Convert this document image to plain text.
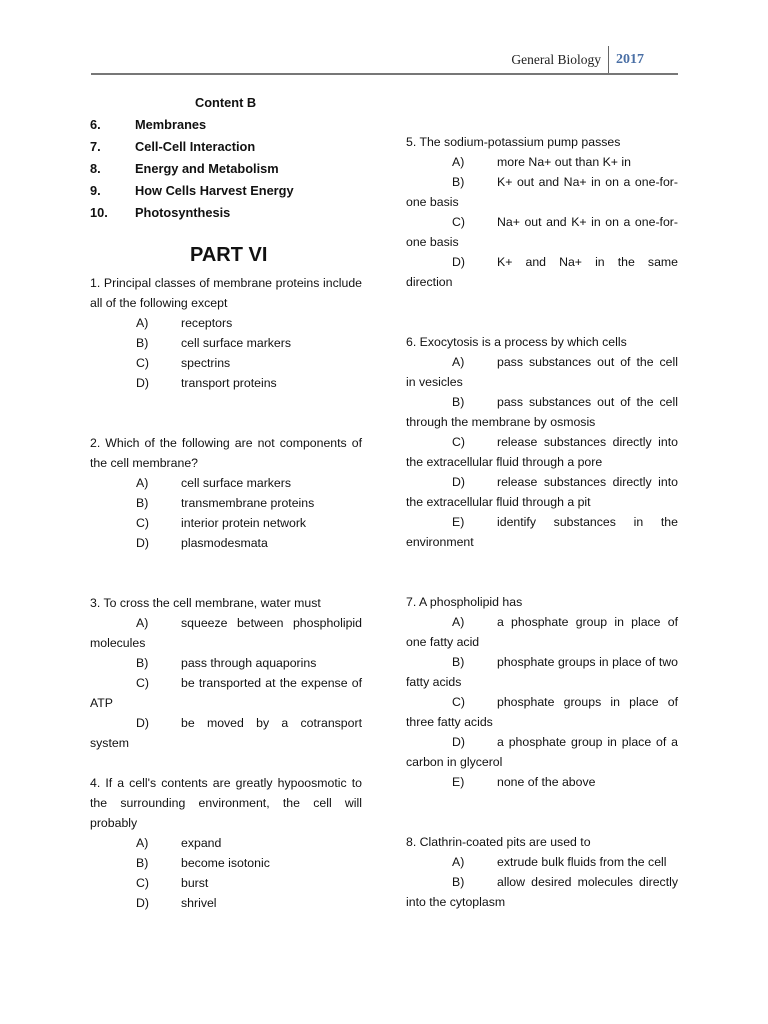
General Biology	2017
Content B
6.	Membranes
7.	Cell-Cell Interaction
8.	Energy and Metabolism
9.	How Cells Harvest Energy
10.	Photosynthesis
PART VI
1. Principal classes of membrane proteins include all of the following except
A)	receptors
B)	cell surface markers
C)	spectrins
D)	transport proteins
2. Which of the following are not components of the cell membrane?
A)	cell surface markers
B)	transmembrane proteins
C)	interior protein network
D)	plasmodesmata
3. To cross the cell membrane, water must
A)	squeeze between phospholipid molecules
B)	pass through aquaporins
C)	be transported at the expense of ATP
D)	be moved by a cotransport system
4. If a cell's contents are greatly hypoosmotic to the surrounding environment, the cell will probably
A)	expand
B)	become isotonic
C)	burst
D)	shrivel
5. The sodium-potassium pump passes
A)	more Na+ out than K+ in
B)	K+ out and Na+ in on a one-for-one basis
C)	Na+ out and K+ in on a one-for-one basis
D)	K+ and Na+ in the same direction
6. Exocytosis is a process by which cells
A)	pass substances out of the cell in vesicles
B)	pass substances out of the cell through the membrane by osmosis
C)	release substances directly into the extracellular fluid through a pore
D)	release substances directly into the extracellular fluid through a pit
E)	identify substances in the environment
7. A phospholipid has
A)	a phosphate group in place of one fatty acid
B)	phosphate groups in place of two fatty acids
C)	phosphate groups in place of three fatty acids
D)	a phosphate group in place of a carbon in glycerol
E)	none of the above
8. Clathrin-coated pits are used to
A)	extrude bulk fluids from the cell
B)	allow desired molecules directly into the cytoplasm
